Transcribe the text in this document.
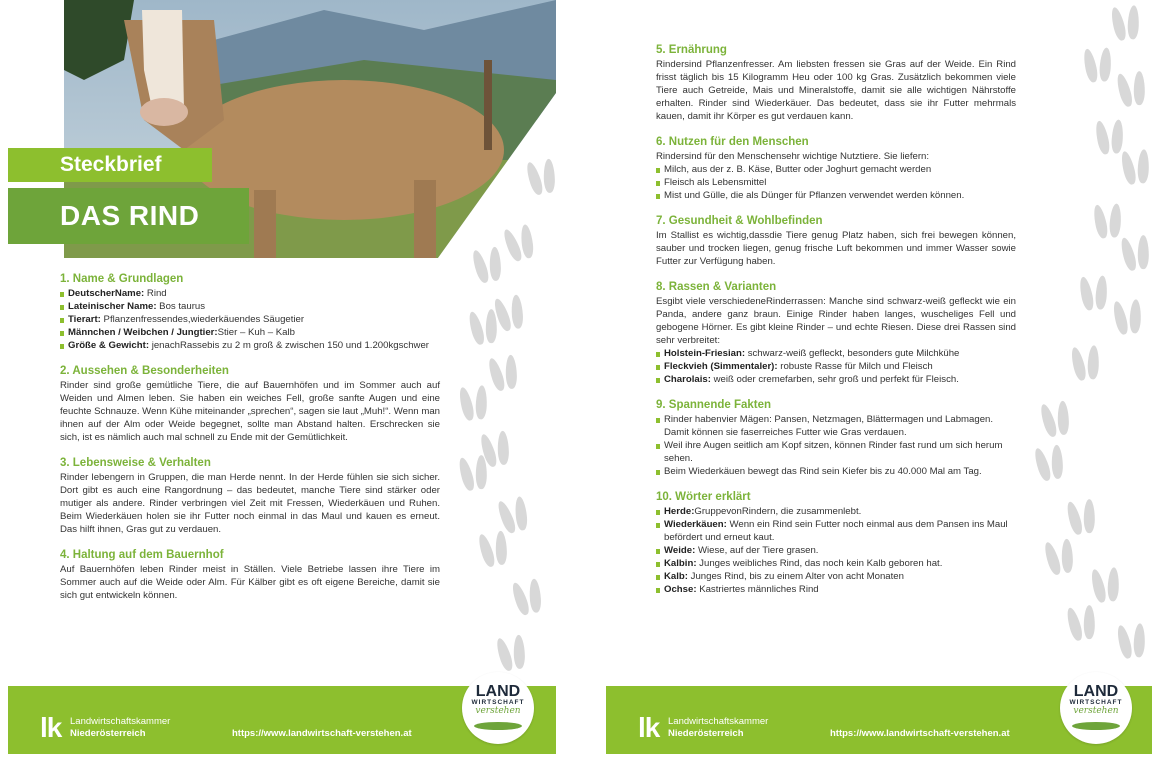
Steckbrief
DAS RIND
1. Name & Grundlagen
DeutscherName: Rind
Lateinischer Name: Bos taurus
Tierart: Pflanzenfressendes,wiederkäuendes Säugetier
Männchen / Weibchen / Jungtier:Stier – Kuh – Kalb
Größe & Gewicht: jenachRassebis zu 2 m groß & zwischen 150 und 1.200kgschwer
2. Aussehen & Besonderheiten

Rinder sind große gemütliche Tiere, die auf Bauernhöfen und im Sommer auch auf Weiden und Almen leben. Sie haben ein weiches Fell, große sanfte Augen und eine feuchte Schnauze. Wenn Kühe miteinander „sprechen“, sagen sie laut „Muh!“. Wenn man ihnen auf der Alm oder Weide begegnet, sollte man Abstand halten. Erschrecken sie sich, ist es nämlich auch mal schnell zu Ende mit der Gemütlichkeit.

3. Lebensweise & Verhalten

Rinder lebengern in Gruppen, die man Herde nennt. In der Herde fühlen sie sich sicher. Dort gibt es auch eine Rangordnung – das bedeutet, manche Tiere sind stärker oder mutiger als andere. Rinder verbringen viel Zeit mit Fressen, Wiederkäuen und Ruhen. Beim Wiederkäuen holen sie ihr Futter noch einmal in das Maul und kauen es erneut. Das hilft ihnen, Gras gut zu verdauen.

4. Haltung auf dem Bauernhof

Auf Bauernhöfen leben Rinder meist in Ställen. Viele Betriebe lassen ihre Tiere im Sommer auch auf die Weide oder Alm. Für Kälber gibt es oft eigene Bereiche, damit sie sich gut entwickeln können.

lk Landwirtschaftskammer
Niederösterreich	https://www.landwirtschaft-verstehen.at
LAND
WIRTSCHAFT
verstehen
5. Ernährung

Rindersind Pflanzenfresser. Am liebsten fressen sie Gras auf der Weide. Ein Rind frisst täglich bis 15 Kilogramm Heu oder 100 kg Gras. Zusätzlich bekommen viele Tiere auch Getreide, Mais und Mineralstoffe, damit sie alle wichtigen Nährstoffe erhalten. Rinder sind Wiederkäuer. Das bedeutet, dass sie ihr Futter mehrmals kauen, damit ihr Körper es gut verdauen kann.

6. Nutzen für den Menschen

Rindersind für den Menschensehr wichtige Nutztiere. Sie liefern:

Milch, aus der z. B. Käse, Butter oder Joghurt gemacht werden
Fleisch als Lebensmittel
Mist und Gülle, die als Dünger für Pflanzen verwendet werden können.
7. Gesundheit & Wohlbefinden

Im Stallist es wichtig,dassdie Tiere genug Platz haben, sich frei bewegen können, sauber und trocken liegen, genug frische Luft bekommen und immer Wasser sowie Futter zur Verfügung haben.

8. Rassen & Varianten

Esgibt viele verschiedeneRinderrassen: Manche sind schwarz-weiß gefleckt wie ein Panda, andere ganz braun. Einige Rinder haben langes, wuscheliges Fell und gebogene Hörner. Es gibt kleine Rinder – und echte Riesen. Diese drei Rassen sind sehr verbreitet:

Holstein-Friesian: schwarz-weiß gefleckt, besonders gute Milchkühe
Fleckvieh (Simmentaler): robuste Rasse für Milch und Fleisch
Charolais: weiß oder cremefarben, sehr groß und perfekt für Fleisch.
9. Spannende Fakten
Rinder habenvier Mägen: Pansen, Netzmagen, Blättermagen und Labmagen. Damit können sie faserreiches Futter wie Gras verdauen.
Weil ihre Augen seitlich am Kopf sitzen, können Rinder fast rund um sich herum sehen.
Beim Wiederkäuen bewegt das Rind sein Kiefer bis zu 40.000 Mal am Tag.
10. Wörter erklärt
Herde:GruppevonRindern, die zusammenlebt.
Wiederkäuen: Wenn ein Rind sein Futter noch einmal aus dem Pansen ins Maul befördert und erneut kaut.
Weide: Wiese, auf der Tiere grasen.
Kalbin: Junges weibliches Rind, das noch kein Kalb geboren hat.
Kalb: Junges Rind, bis zu einem Alter von acht Monaten
Ochse: Kastriertes männliches Rind
lk Landwirtschaftskammer
Niederösterreich	https://www.landwirtschaft-verstehen.at
LAND
WIRTSCHAFT
verstehen
